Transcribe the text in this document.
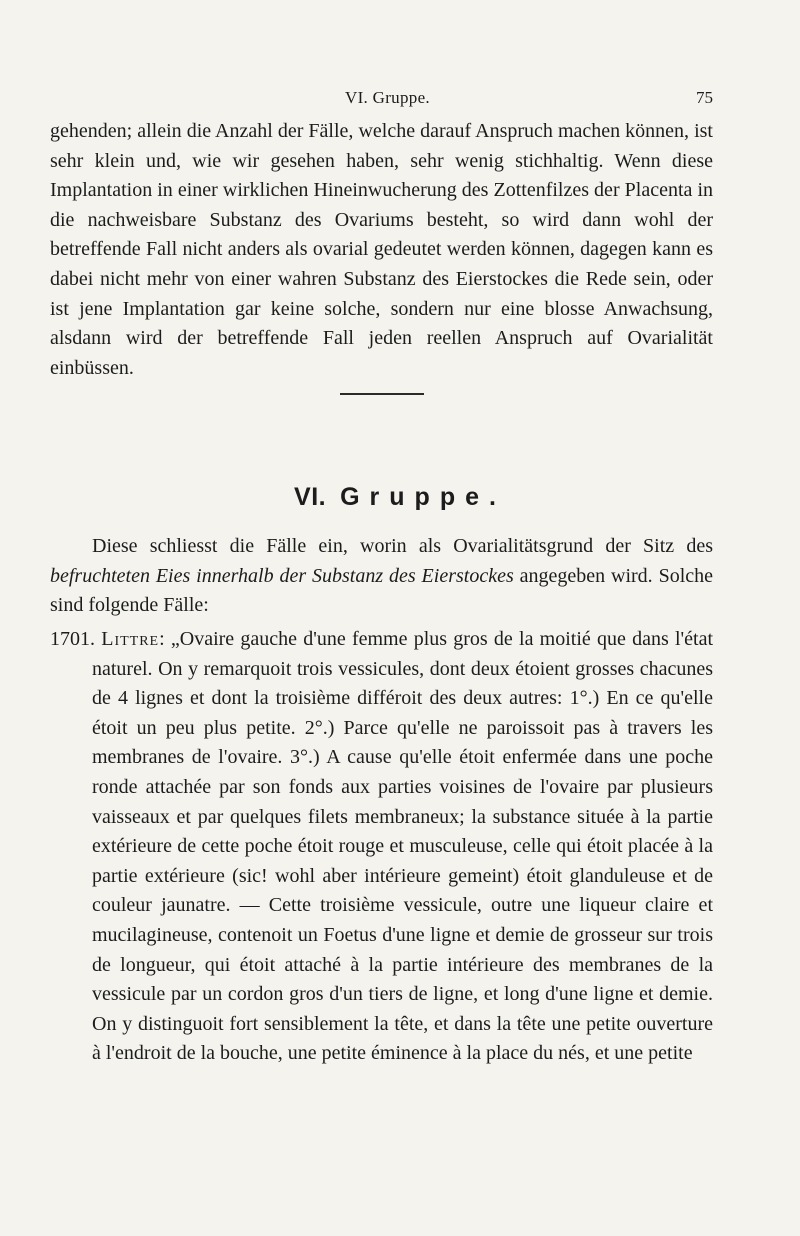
VI. Gruppe.	75

gehenden; allein die Anzahl der Fälle, welche darauf Anspruch machen können, ist sehr klein und, wie wir gesehen haben, sehr wenig stichhaltig. Wenn diese Implantation in einer wirklichen Hineinwucherung des Zottenfilzes der Placenta in die nachweisbare Substanz des Ovariums besteht, so wird dann wohl der betreffende Fall nicht anders als ovarial gedeutet werden können, dagegen kann es dabei nicht mehr von einer wahren Substanz des Eierstockes die Rede sein, oder ist jene Implantation gar keine solche, sondern nur eine blosse Anwachsung, alsdann wird der betreffende Fall jeden reellen Anspruch auf Ovarialität einbüssen.

VI. Gruppe.

Diese schliesst die Fälle ein, worin als Ovarialitätsgrund der Sitz des befruchteten Eies innerhalb der Substanz des Eierstockes angegeben wird. Solche sind folgende Fälle:

1701. Littre: „Ovaire gauche d'une femme plus gros de la moitié que dans l'état naturel. On y remarquoit trois vessicules, dont deux étoient grosses chacunes de 4 lignes et dont la troisième différoit des deux autres: 1°.) En ce qu'elle étoit un peu plus petite. 2°.) Parce qu'elle ne paroissoit pas à travers les membranes de l'ovaire. 3°.) A cause qu'elle étoit enfermée dans une poche ronde attachée par son fonds aux parties voisines de l'ovaire par plusieurs vaisseaux et par quelques filets membraneux; la substance située à la partie extérieure de cette poche étoit rouge et musculeuse, celle qui étoit placée à la partie extérieure (sic! wohl aber intérieure gemeint) étoit glanduleuse et de couleur jaunatre. — Cette troisième vessicule, outre une liqueur claire et mucilagineuse, contenoit un Foetus d'une ligne et demie de grosseur sur trois de longueur, qui étoit attaché à la partie intérieure des membranes de la vessicule par un cordon gros d'un tiers de ligne, et long d'une ligne et demie. On y distinguoit fort sensiblement la tête, et dans la tête une petite ouverture à l'endroit de la bouche, une petite éminence à la place du nés, et une petite
